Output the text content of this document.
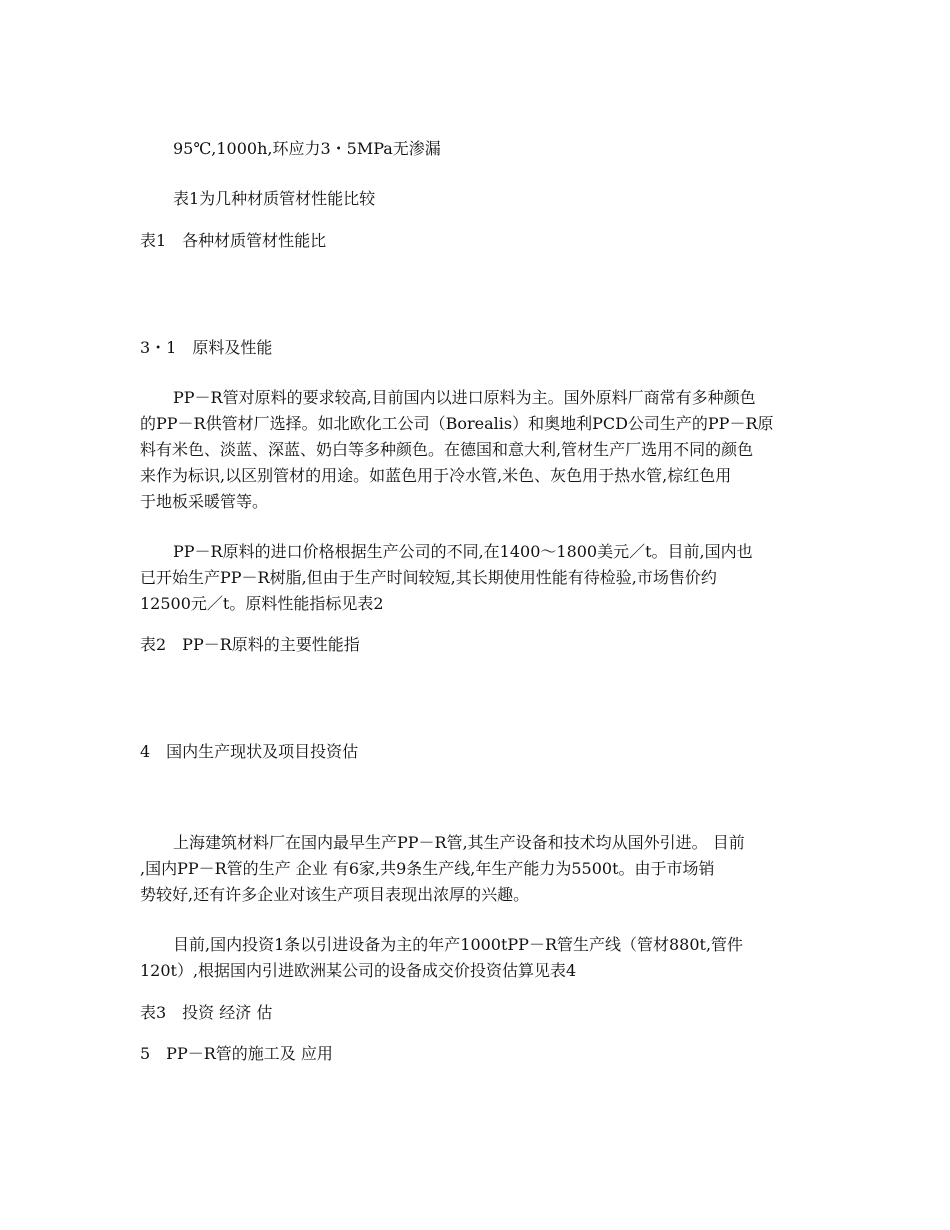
95℃,1000h,环应力3・5MPa无渗漏
表1为几种材质管材性能比较
表1　各种材质管材性能比
3・1　原料及性能
PP－R管对原料的要求较高,目前国内以进口原料为主。国外原料厂商常有多种颜色
的PP－R供管材厂选择。如北欧化工公司（Borealis）和奥地利PCD公司生产的PP－R原
料有米色、淡蓝、深蓝、奶白等多种颜色。在德国和意大利,管材生产厂选用不同的颜色
来作为标识,以区别管材的用途。如蓝色用于冷水管,米色、灰色用于热水管,棕红色用
于地板采暖管等。
PP－R原料的进口价格根据生产公司的不同,在1400～1800美元／t。目前,国内也
已开始生产PP－R树脂,但由于生产时间较短,其长期使用性能有待检验,市场售价约
12500元／t。原料性能指标见表2
表2　PP－R原料的主要性能指
4　国内生产现状及项目投资估
上海建筑材料厂在国内最早生产PP－R管,其生产设备和技术均从国外引进。 目前
,国内PP－R管的生产 企业 有6家,共9条生产线,年生产能力为5500t。由于市场销
势较好,还有许多企业对该生产项目表现出浓厚的兴趣。
目前,国内投资1条以引进设备为主的年产1000tPP－R管生产线（管材880t,管件
120t）,根据国内引进欧洲某公司的设备成交价投资估算见表4
表3　投资 经济 估
5　PP－R管的施工及 应用
